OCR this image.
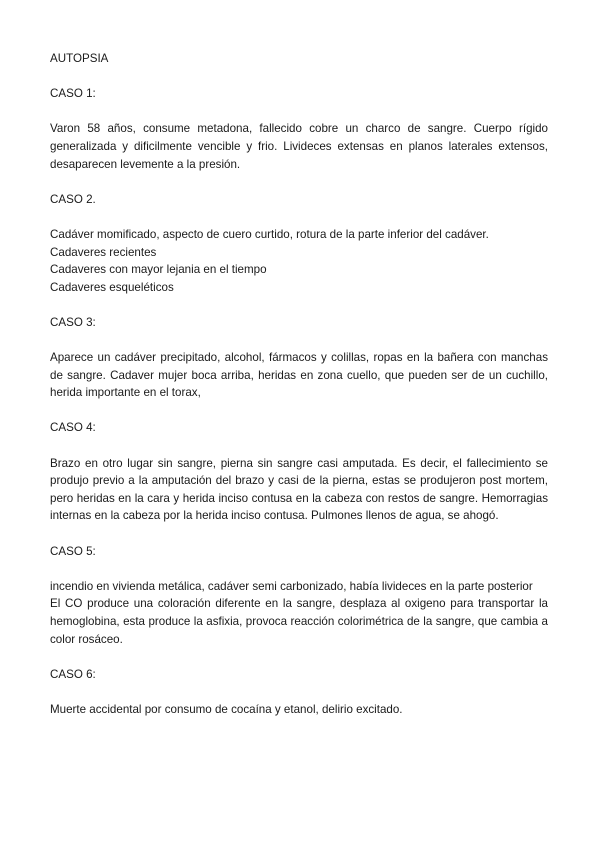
AUTOPSIA

CASO 1:

Varon 58 años, consume metadona, fallecido cobre un charco de sangre. Cuerpo rígido generalizada y dificilmente vencible y frio. Livideces extensas en planos laterales extensos, desaparecen levemente a la presión.

CASO 2.

Cadáver momificado, aspecto de cuero curtido, rotura de la parte inferior del cadáver.
Cadaveres recientes
Cadaveres con mayor lejania en el tiempo
Cadaveres esqueléticos

CASO 3:

Aparece un cadáver precipitado, alcohol, fármacos y colillas, ropas en la bañera con manchas de sangre. Cadaver mujer boca arriba, heridas en zona cuello, que pueden ser de un cuchillo, herida importante en el torax,

CASO 4:

Brazo en otro lugar sin sangre, pierna sin sangre casi amputada. Es decir, el fallecimiento se produjo previo a la amputación del brazo y casi de la pierna, estas se produjeron post mortem, pero heridas en la cara y herida inciso contusa en la cabeza con restos de sangre. Hemorragias internas en la cabeza por la herida inciso contusa. Pulmones llenos de agua, se ahogó.

CASO 5:

incendio en vivienda metálica, cadáver semi carbonizado, había livideces en la parte posterior

El CO produce una coloración diferente en la sangre, desplaza al oxigeno para transportar la hemoglobina, esta produce la asfixia, provoca reacción colorimétrica de la sangre, que cambia a color rosáceo.

CASO 6:

Muerte accidental por consumo de cocaína y etanol, delirio excitado.
